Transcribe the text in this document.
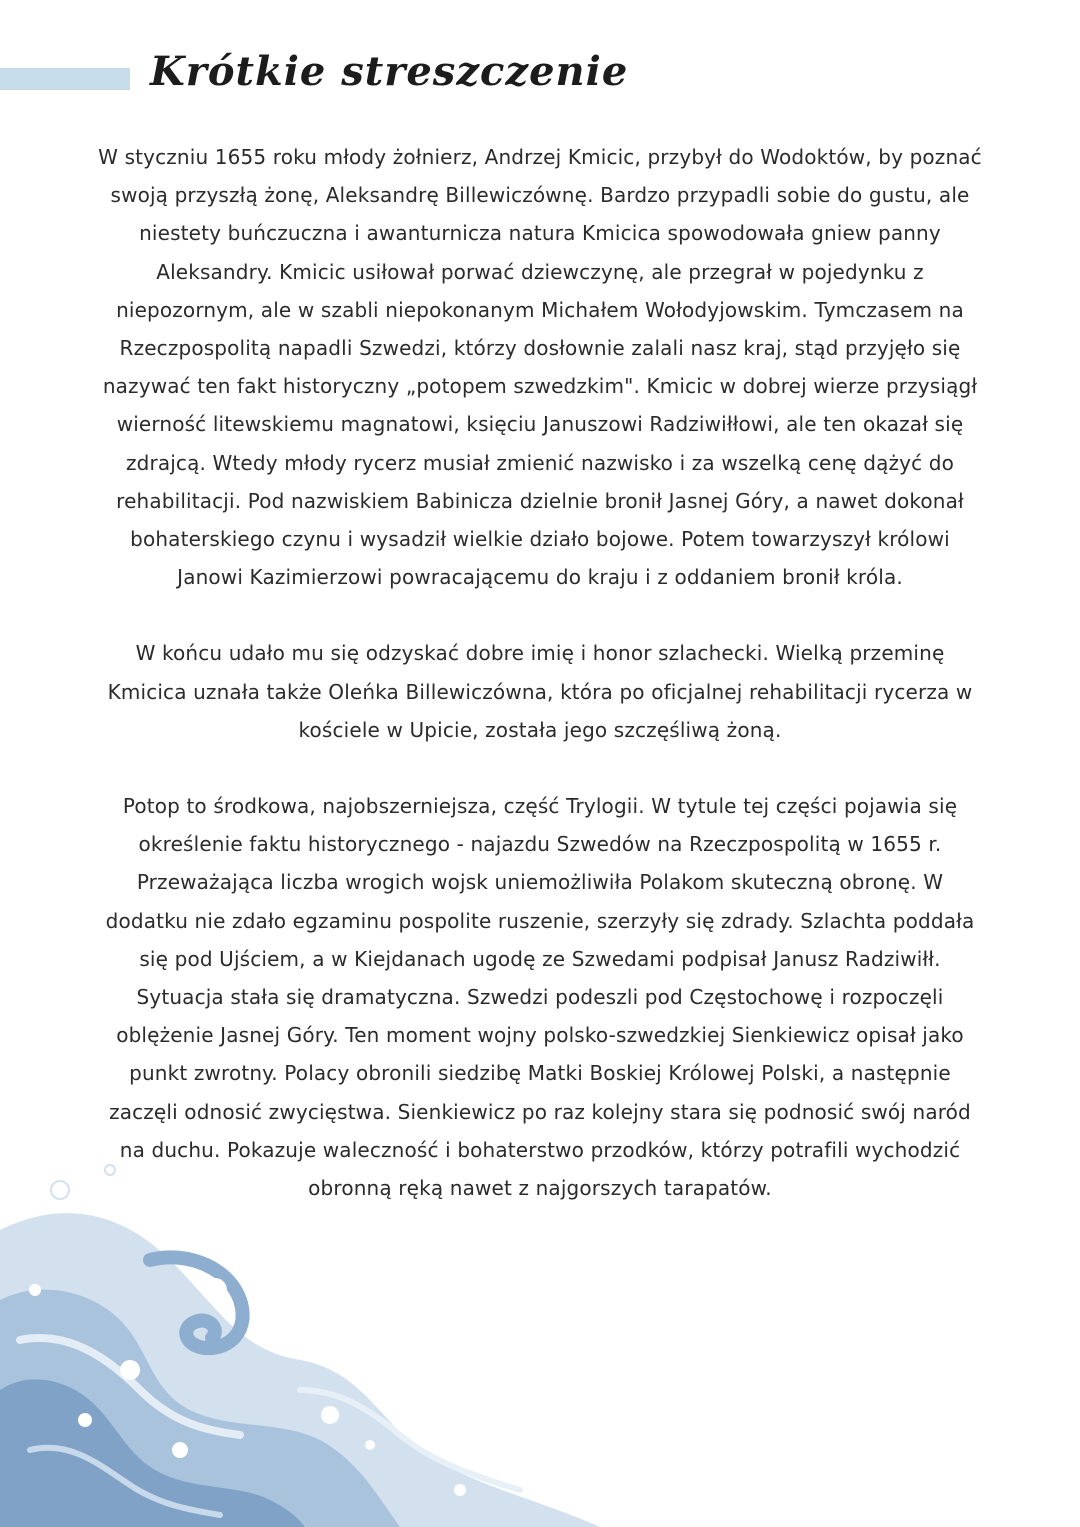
Krótkie streszczenie

W styczniu 1655 roku młody żołnierz, Andrzej Kmicic, przybył do Wodoktów, by poznać swoją przyszłą żonę, Aleksandrę Billewiczównę. Bardzo przypadli sobie do gustu, ale niestety buńczuczna i awanturnicza natura Kmicica spowodowała gniew panny Aleksandry. Kmicic usiłował porwać dziewczynę, ale przegrał w pojedynku z niepozornym, ale w szabli niepokonanym Michałem Wołodyjowskim. Tymczasem na Rzeczpospolitą napadli Szwedzi, którzy dosłownie zalali nasz kraj, stąd przyjęło się nazywać ten fakt historyczny „potopem szwedzkim". Kmicic w dobrej wierze przysiągł wierność litewskiemu magnatowi, księciu Januszowi Radziwiłłowi, ale ten okazał się zdrajcą. Wtedy młody rycerz musiał zmienić nazwisko i za wszelką cenę dążyć do rehabilitacji. Pod nazwiskiem Babinicza dzielnie bronił Jasnej Góry, a nawet dokonał bohaterskiego czynu i wysadził wielkie działo bojowe. Potem towarzyszył królowi Janowi Kazimierzowi powracającemu do kraju i z oddaniem bronił króla.

W końcu udało mu się odzyskać dobre imię i honor szlachecki. Wielką przeminę Kmicica uznała także Oleńka Billewiczówna, która po oficjalnej rehabilitacji rycerza w kościele w Upicie, została jego szczęśliwą żoną.

Potop to środkowa, najobszerniejsza, część Trylogii. W tytule tej części pojawia się określenie faktu historycznego - najazdu Szwedów na Rzeczpospolitą w 1655 r. Przeważająca liczba wrogich wojsk uniemożliwiła Polakom skuteczną obronę. W dodatku nie zdało egzaminu pospolite ruszenie, szerzyły się zdrady. Szlachta poddała się pod Ujściem, a w Kiejdanach ugodę ze Szwedami podpisał Janusz Radziwiłł. Sytuacja stała się dramatyczna. Szwedzi podeszli pod Częstochowę i rozpoczęli oblężenie Jasnej Góry. Ten moment wojny polsko-szwedzkiej Sienkiewicz opisał jako punkt zwrotny. Polacy obronili siedzibę Matki Boskiej Królowej Polski, a następnie zaczęli odnosić zwycięstwa. Sienkiewicz po raz kolejny stara się podnosić swój naród na duchu. Pokazuje waleczność i bohaterstwo przodków, którzy potrafili wychodzić obronną ręką nawet z najgorszych tarapatów.
